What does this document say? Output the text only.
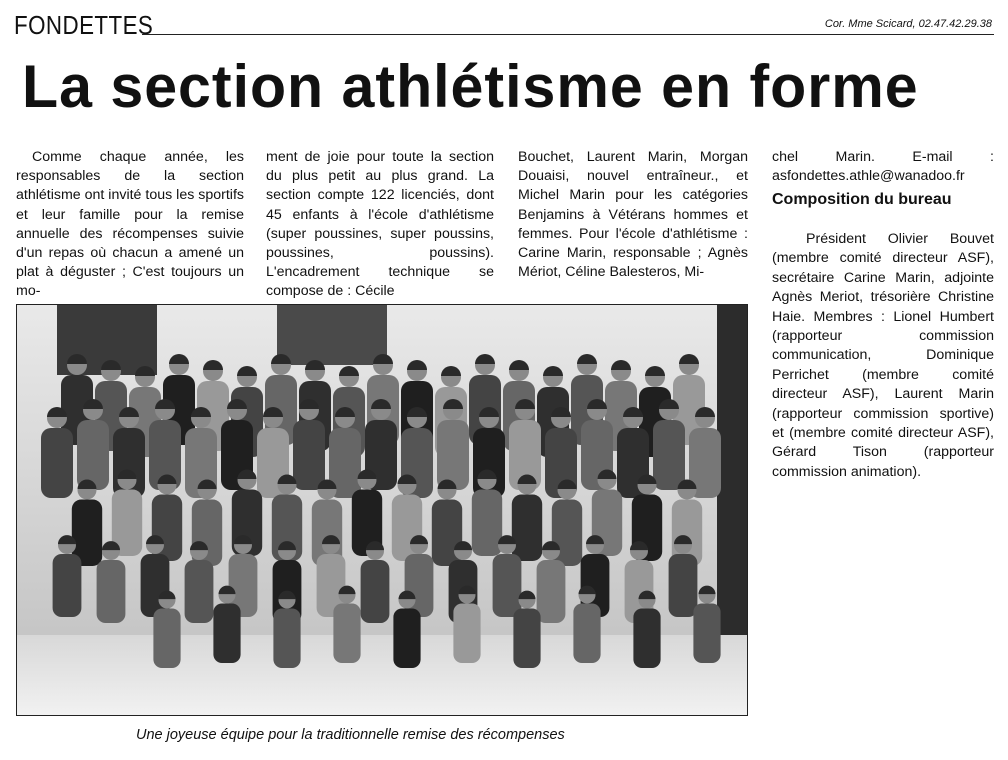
FONDETTES	Cor. Mme Scicard, 02.47.42.29.38
La section athlétisme en forme

Comme chaque année, les responsables de la section athlétisme ont invité tous les sportifs et leur famille pour la remise annuelle des récompenses suivie d'un repas où chacun a amené un plat à déguster ; C'est toujours un mo-

ment de joie pour toute la section du plus petit au plus grand. La section compte 122 licenciés, dont 45 enfants à l'école d'athlétisme (super poussines, super poussins, poussines, poussins). L'encadrement technique se compose de : Cécile

Bouchet, Laurent Marin, Morgan Douaisi, nouvel entraîneur., et Michel Marin pour les catégories Benjamins à Vétérans hommes et femmes. Pour l'école d'athlétisme : Carine Marin, responsable ; Agnès Mériot, Céline Balesteros, Mi-

chel Marin. E-mail : asfondettes.athle@wanadoo.fr

Composition du bureau
Président Olivier Bouvet (membre comité directeur ASF), secrétaire Carine Marin, adjointe Agnès Meriot, trésorière Christine Haie. Membres : Lionel Humbert (rapporteur commission communication, Dominique Perrichet (membre comité directeur ASF), Laurent Marin (rapporteur commission sportive) et (membre comité directeur ASF), Gérard Tison (rapporteur commission animation).
Une joyeuse équipe pour la traditionnelle remise des récompenses
